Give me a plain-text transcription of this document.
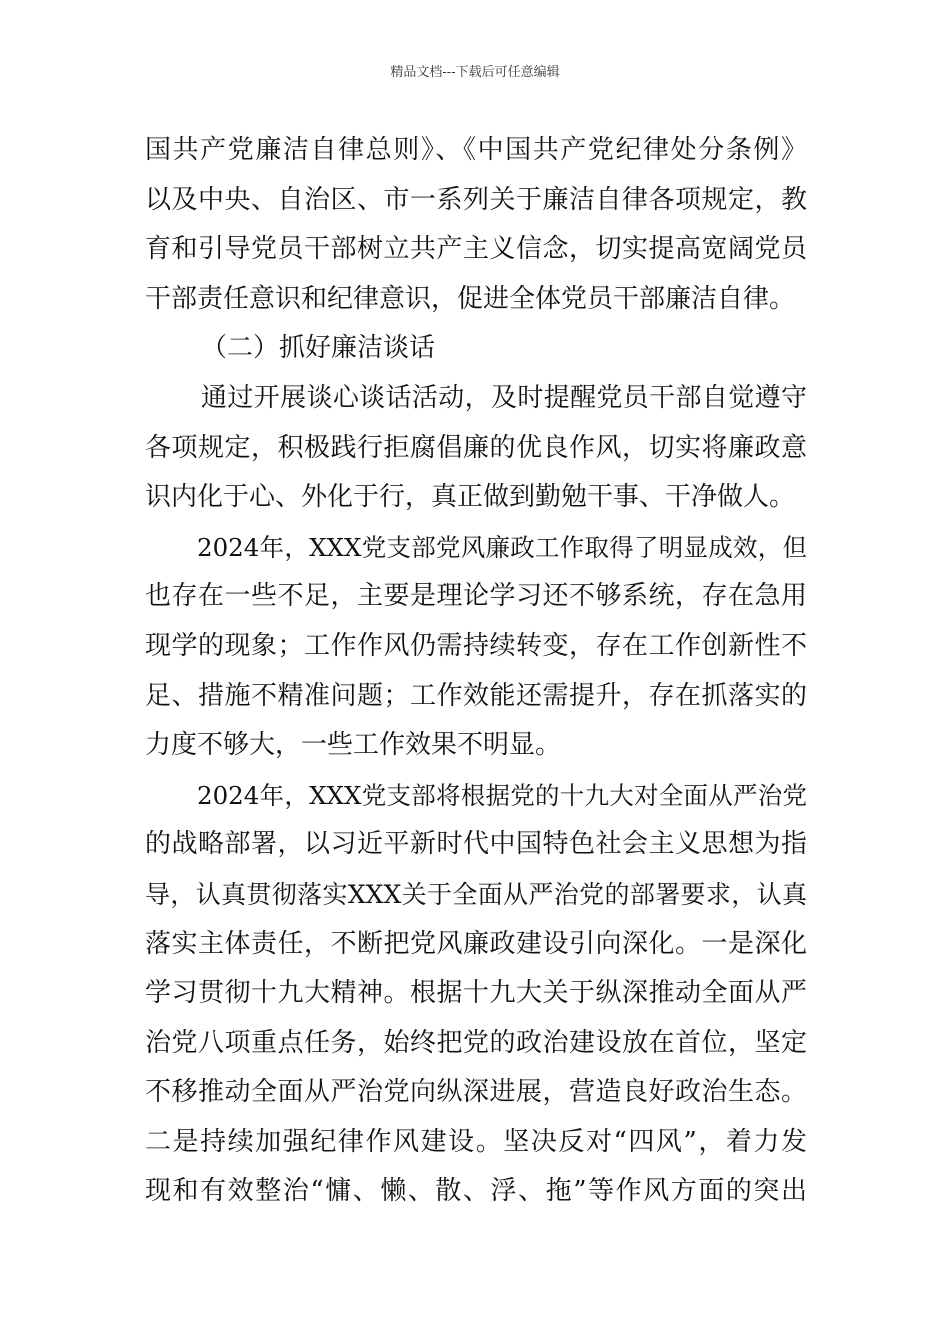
精品文档---下载后可任意编辑
国共产党廉洁自律总则》、《中国共产党纪律处分条例》
以及中央、自治区、市一系列关于廉洁自律各项规定，教
育和引导党员干部树立共产主义信念，切实提高宽阔党员
干部责任意识和纪律意识，促进全体党员干部廉洁自律。
（二）抓好廉洁谈话
通过开展谈心谈话活动，及时提醒党员干部自觉遵守
各项规定，积极践行拒腐倡廉的优良作风，切实将廉政意
识内化于心、外化于行，真正做到勤勉干事、干净做人。
2024年，XXX党支部党风廉政工作取得了明显成效，但
也存在一些不足，主要是理论学习还不够系统，存在急用
现学的现象；工作作风仍需持续转变，存在工作创新性不
足、措施不精准问题；工作效能还需提升，存在抓落实的
力度不够大，一些工作效果不明显。
2024年，XXX党支部将根据党的十九大对全面从严治党
的战略部署，以习近平新时代中国特色社会主义思想为指
导，认真贯彻落实XXX关于全面从严治党的部署要求，认真
落实主体责任，不断把党风廉政建设引向深化。一是深化
学习贯彻十九大精神。根据十九大关于纵深推动全面从严
治党八项重点任务，始终把党的政治建设放在首位，坚定
不移推动全面从严治党向纵深进展，营造良好政治生态。
二是持续加强纪律作风建设。坚决反对“四风”，着力发
现和有效整治“慵、懒、散、浮、拖”等作风方面的突出
